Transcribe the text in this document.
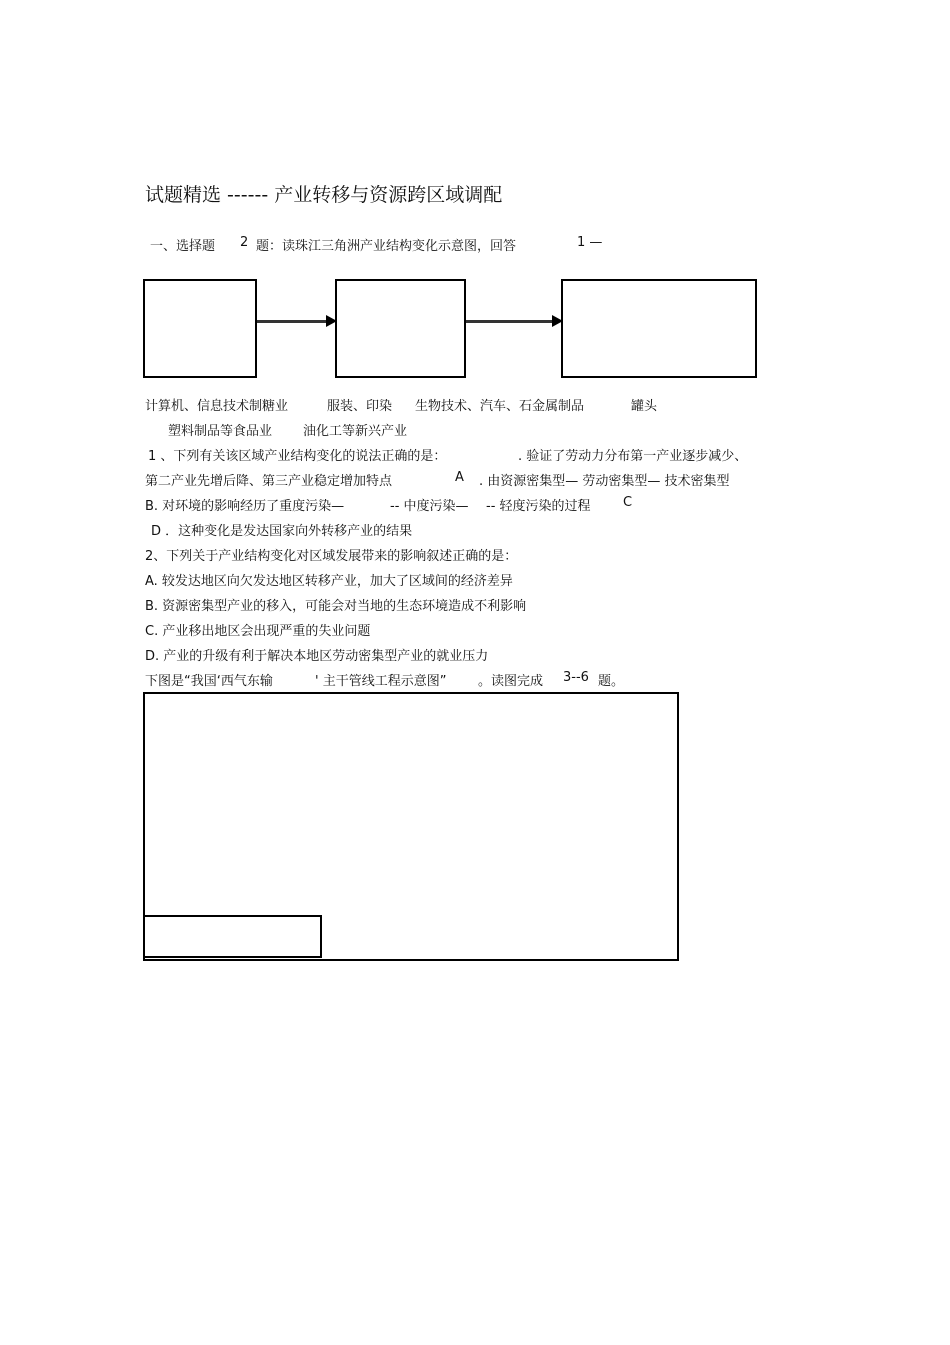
试题精选 ------ 产业转移与资源跨区域调配
一、选择题 2 题：读珠江三角洲产业结构变化示意图，回答	1 —
计算机、信息技术制糖业	服装、印染 生物技术、汽车、石金属制品	罐头
塑料制品等食品业 油化工等新兴产业
1 、下列有关该区域产业结构变化的说法正确的是：	. 验证了劳动力分布第一产业逐步减少、
第二产业先增后降、第三产业稳定增加特点	A . 由资源密集型— 劳动密集型— 技术密集型
B. 对环境的影响经历了重度污染—	-- 中度污染— -- 轻度污染的过程 C
D ．这种变化是发达国家向外转移产业的结果
2、下列关于产业结构变化对区域发展带来的影响叙述正确的是：
A. 较发达地区向欠发达地区转移产业，加大了区域间的经济差异
B. 资源密集型产业的移入，可能会对当地的生态环境造成不利影响
C. 产业移出地区会出现严重的失业问题
D. 产业的升级有利于解决本地区劳动密集型产业的就业压力
下图是“我国‘西气东输	' 主干管线工程示意图” 。读图完成 3--6 题。
